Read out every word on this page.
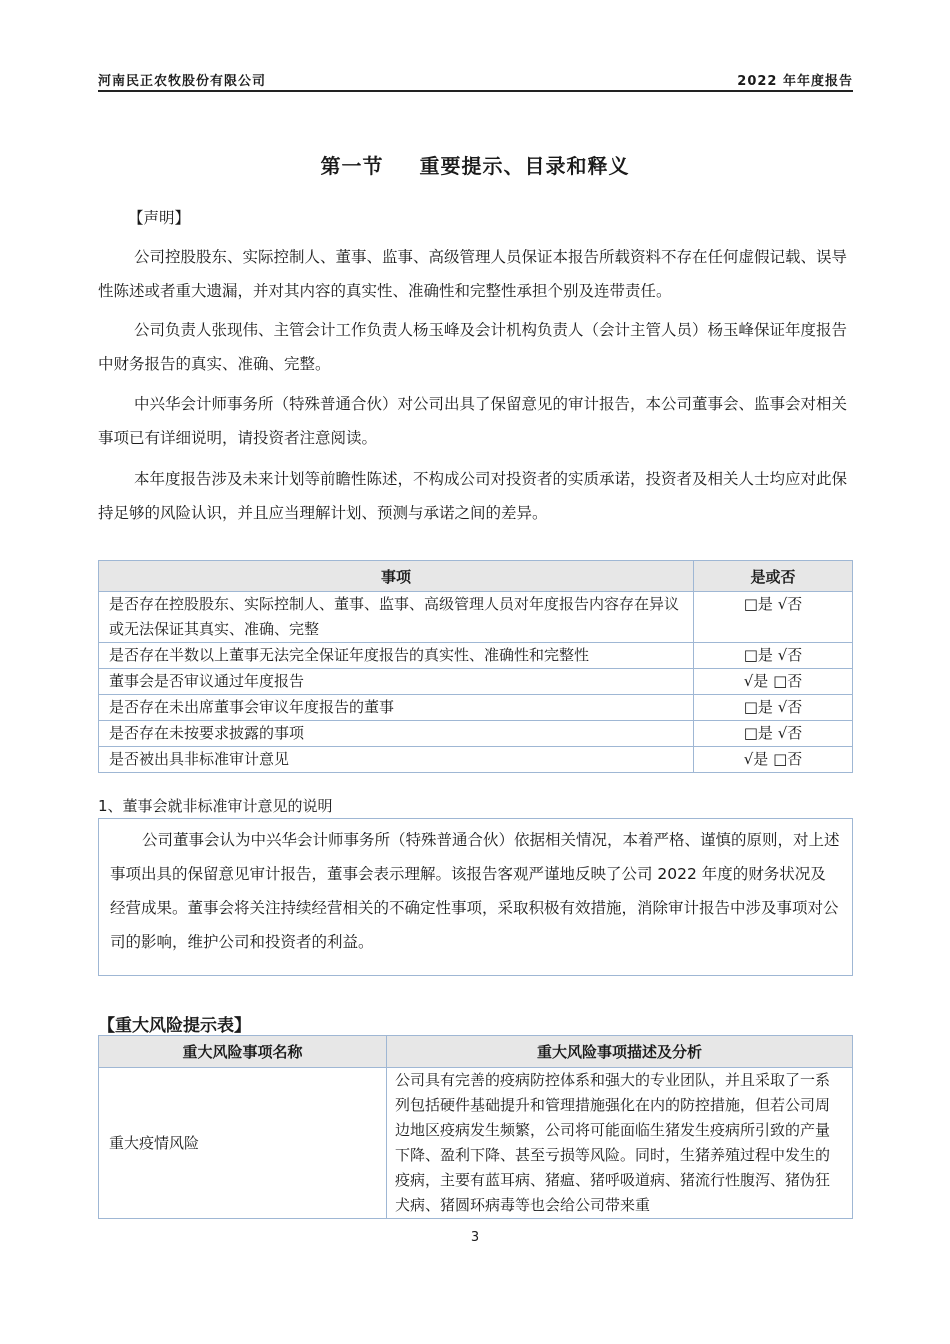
河南民正农牧股份有限公司	2022 年年度报告
第一节 重要提示、目录和释义
【声明】

公司控股股东、实际控制人、董事、监事、高级管理人员保证本报告所载资料不存在任何虚假记载、误导性陈述或者重大遗漏，并对其内容的真实性、准确性和完整性承担个别及连带责任。

公司负责人张现伟、主管会计工作负责人杨玉峰及会计机构负责人（会计主管人员）杨玉峰保证年度报告中财务报告的真实、准确、完整。

中兴华会计师事务所（特殊普通合伙）对公司出具了保留意见的审计报告，本公司董事会、监事会对相关事项已有详细说明，请投资者注意阅读。

本年度报告涉及未来计划等前瞻性陈述，不构成公司对投资者的实质承诺，投资者及相关人士均应对此保持足够的风险认识，并且应当理解计划、预测与承诺之间的差异。

事项	是或否
是否存在控股股东、实际控制人、董事、监事、高级管理人员对年度报告内容存在异议或无法保证其真实、准确、完整	□是 √否
是否存在半数以上董事无法完全保证年度报告的真实性、准确性和完整性	□是 √否
董事会是否审议通过年度报告	√是 □否
是否存在未出席董事会审议年度报告的董事	□是 √否
是否存在未按要求披露的事项	□是 √否
是否被出具非标准审计意见	√是 □否
1、董事会就非标准审计意见的说明

公司董事会认为中兴华会计师事务所（特殊普通合伙）依据相关情况，本着严格、谨慎的原则，对上述事项出具的保留意见审计报告，董事会表示理解。该报告客观严谨地反映了公司 2022 年度的财务状况及经营成果。董事会将关注持续经营相关的不确定性事项，采取积极有效措施，消除审计报告中涉及事项对公司的影响，维护公司和投资者的利益。

【重大风险提示表】
重大风险事项名称	重大风险事项描述及分析
重大疫情风险	公司具有完善的疫病防控体系和强大的专业团队，并且采取了一系列包括硬件基础提升和管理措施强化在内的防控措施，但若公司周边地区疫病发生频繁，公司将可能面临生猪发生疫病所引致的产量下降、盈利下降、甚至亏损等风险。同时，生猪养殖过程中发生的疫病，主要有蓝耳病、猪瘟、猪呼吸道病、猪流行性腹泻、猪伪狂犬病、猪圆环病毒等也会给公司带来重
3
